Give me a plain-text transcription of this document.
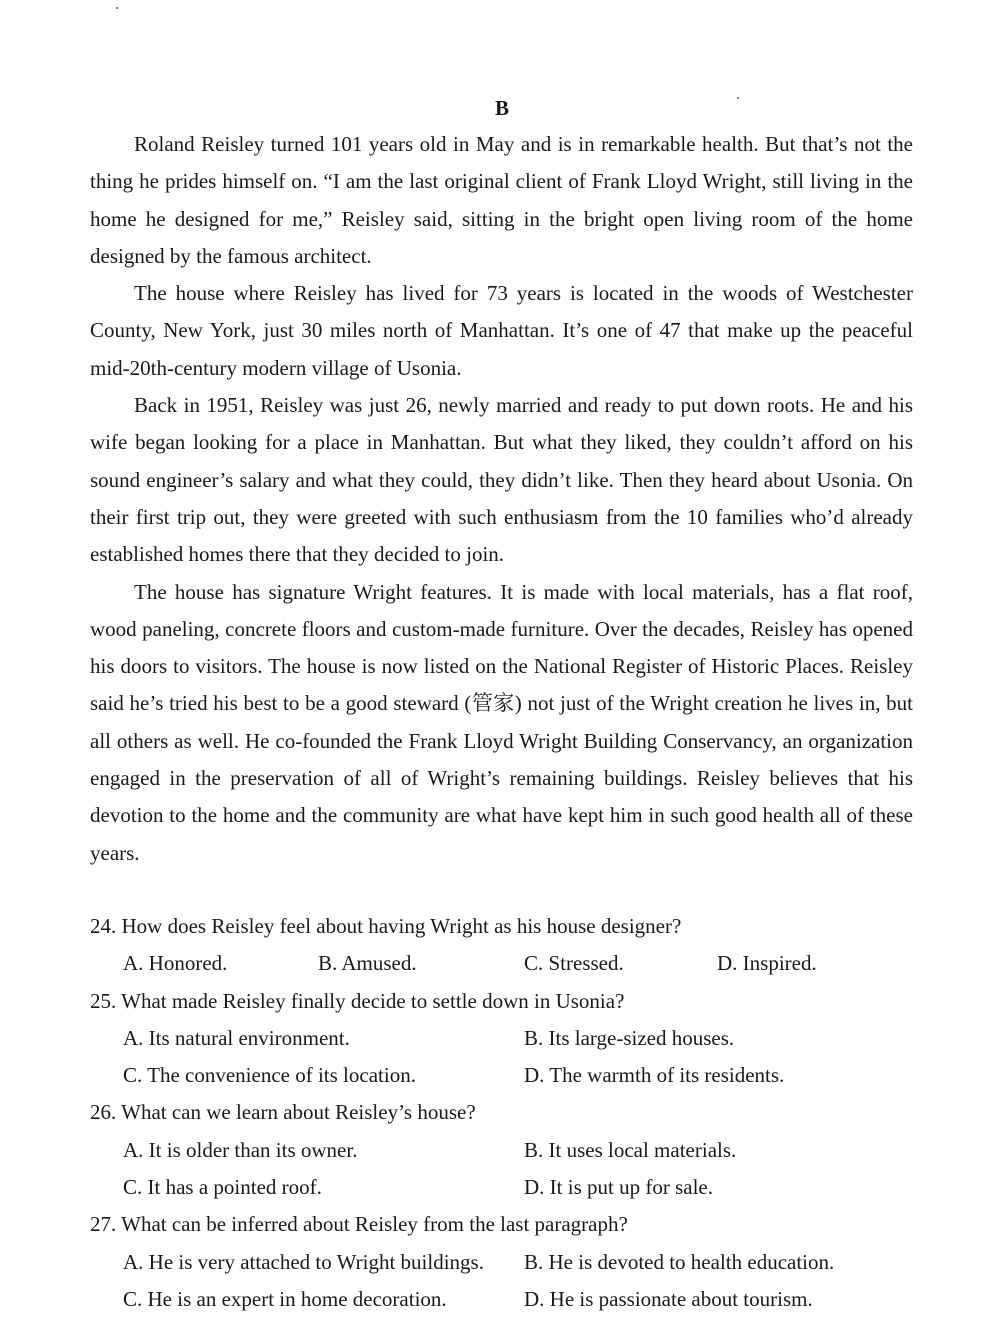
B

Roland Reisley turned 101 years old in May and is in remarkable health. But that’s not the thing he prides himself on. “I am the last original client of Frank Lloyd Wright, still living in the home he designed for me,” Reisley said, sitting in the bright open living room of the home designed by the famous architect.

The house where Reisley has lived for 73 years is located in the woods of Westchester County, New York, just 30 miles north of Manhattan. It’s one of 47 that make up the peaceful mid-20th-century modern village of Usonia.

Back in 1951, Reisley was just 26, newly married and ready to put down roots. He and his wife began looking for a place in Manhattan. But what they liked, they couldn’t afford on his sound engineer’s salary and what they could, they didn’t like. Then they heard about Usonia. On their first trip out, they were greeted with such enthusiasm from the 10 families who’d already established homes there that they decided to join.

The house has signature Wright features. It is made with local materials, has a flat roof, wood paneling, concrete floors and custom-made furniture. Over the decades, Reisley has opened his doors to visitors. The house is now listed on the National Register of Historic Places. Reisley said he’s tried his best to be a good steward (管家) not just of the Wright creation he lives in, but all others as well. He co-founded the Frank Lloyd Wright Building Conservancy, an organization engaged in the preservation of all of Wright’s remaining buildings. Reisley believes that his devotion to the home and the community are what have kept him in such good health all of these years.

24. How does Reisley feel about having Wright as his house designer?
A. Honored.	B. Amused.	C. Stressed.	D. Inspired.
25. What made Reisley finally decide to settle down in Usonia?
A. Its natural environment.	B. Its large-sized houses.
C. The convenience of its location.	D. The warmth of its residents.
26. What can we learn about Reisley’s house?
A. It is older than its owner.	B. It uses local materials.
C. It has a pointed roof.	D. It is put up for sale.
27. What can be inferred about Reisley from the last paragraph?
A. He is very attached to Wright buildings. B. He is devoted to health education.
C. He is an expert in home decoration.	D. He is passionate about tourism.
